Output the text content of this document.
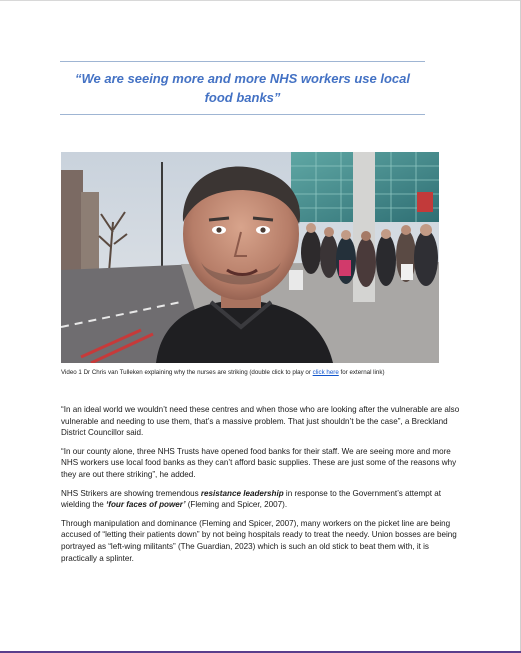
“We are seeing more and more NHS workers use local food banks”

Video 1 Dr Chris van Tulleken explaining why the nurses are striking (double click to play or click here for external link)

“In an ideal world we wouldn’t need these centres and when those who are looking after the vulnerable are also vulnerable and needing to use them, that’s a massive problem. That just shouldn’t be the case”, a Breckland District Councillor said.

“In our county alone, three NHS Trusts have opened food banks for their staff. We are seeing more and more NHS workers use local food banks as they can’t afford basic supplies. These are just some of the reasons why they are out there striking”, he added.

NHS Strikers are showing tremendous resistance leadership in response to the Government’s attempt at wielding the ‘four faces of power’ (Fleming and Spicer, 2007).

Through manipulation and dominance (Fleming and Spicer, 2007), many workers on the picket line are being accused of “letting their patients down” by not being hospitals ready to treat the needy. Union bosses are being portrayed as “left-wing militants” (The Guardian, 2023) which is such an old stick to beat them with, it is practically a splinter.
